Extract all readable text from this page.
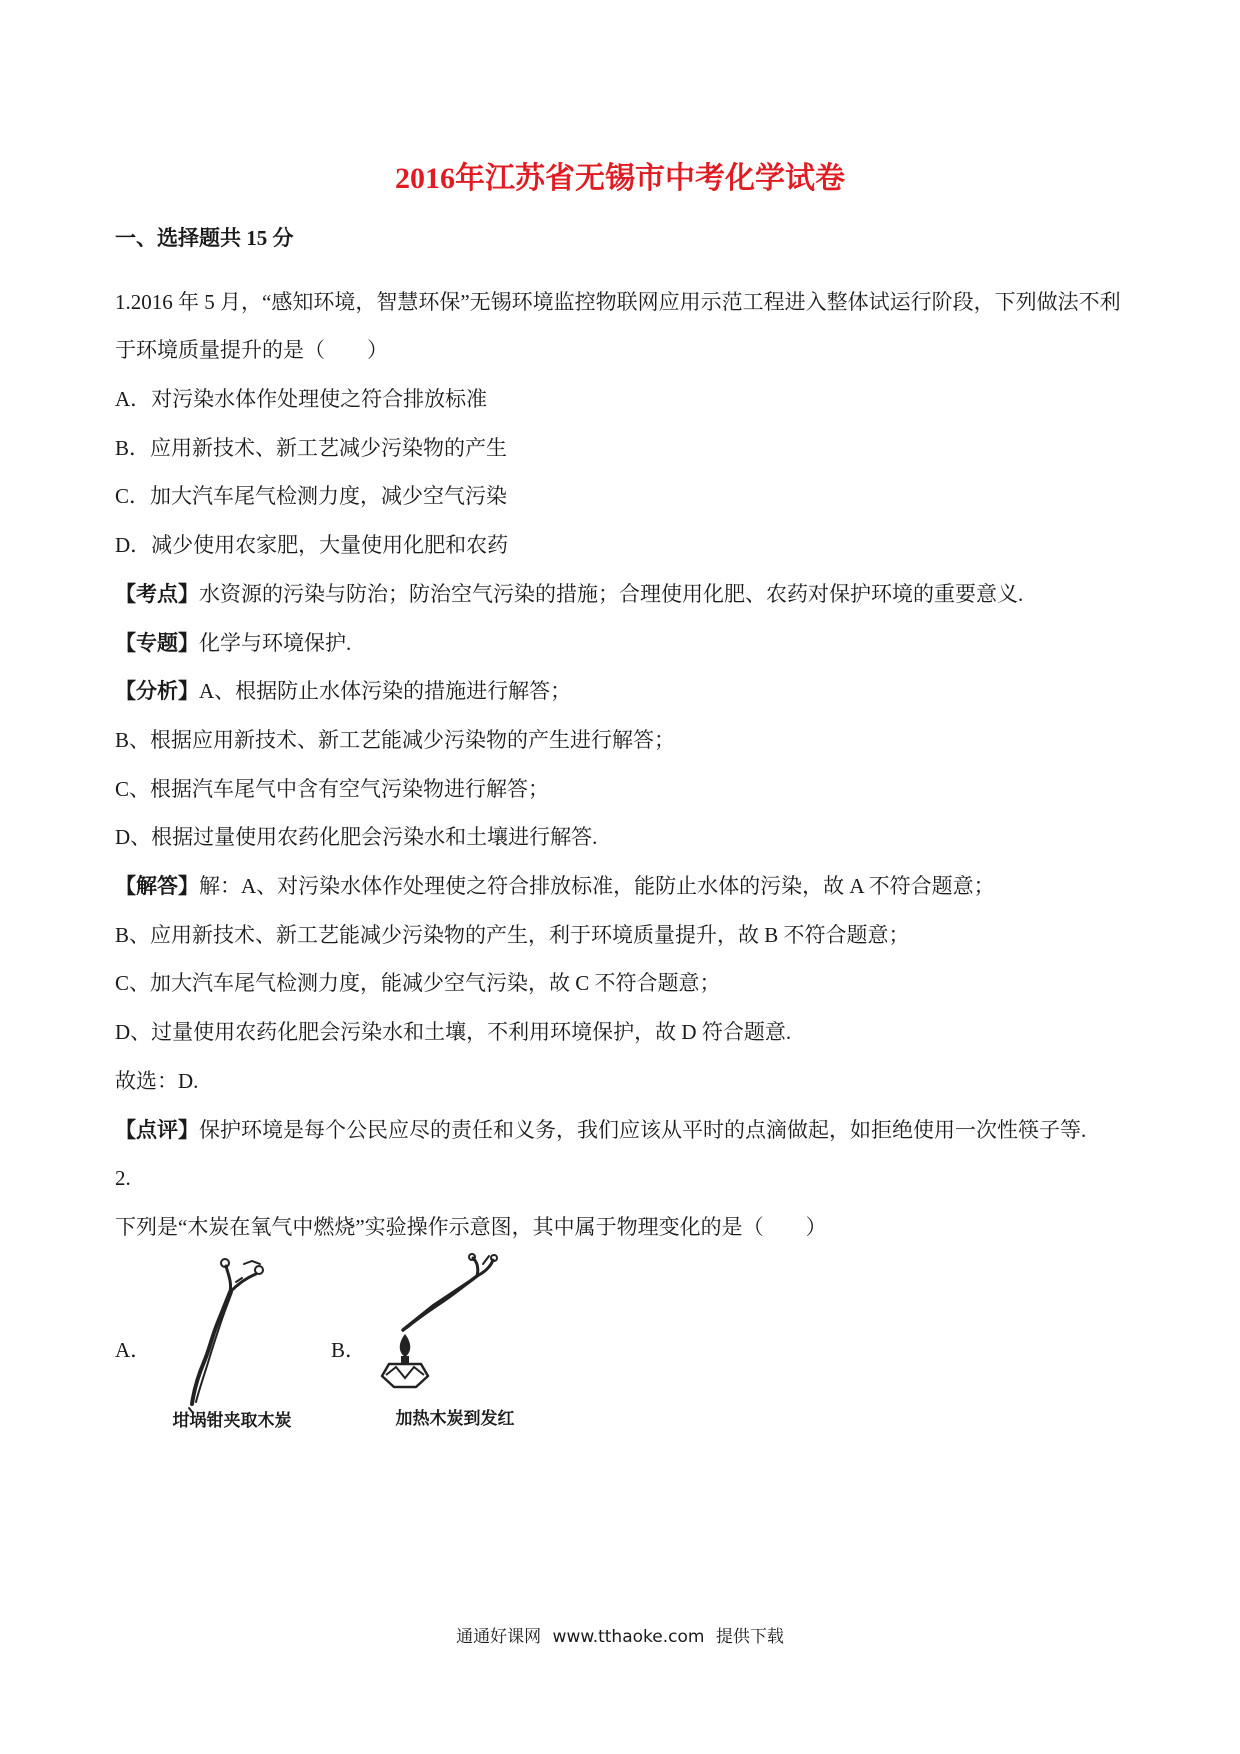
2016年江苏省无锡市中考化学试卷
一、选择题共 15 分

1.2016 年 5 月，“感知环境，智慧环保”无锡环境监控物联网应用示范工程进入整体试运行阶段，下列做法不利于环境质量提升的是（　　）

A．对污染水体作处理使之符合排放标准

B．应用新技术、新工艺减少污染物的产生

C．加大汽车尾气检测力度，减少空气污染

D．减少使用农家肥，大量使用化肥和农药

【考点】水资源的污染与防治；防治空气污染的措施；合理使用化肥、农药对保护环境的重要意义.

【专题】化学与环境保护.

【分析】A、根据防止水体污染的措施进行解答；

B、根据应用新技术、新工艺能减少污染物的产生进行解答；

C、根据汽车尾气中含有空气污染物进行解答；

D、根据过量使用农药化肥会污染水和土壤进行解答.

【解答】解：A、对污染水体作处理使之符合排放标准，能防止水体的污染，故 A 不符合题意；

B、应用新技术、新工艺能减少污染物的产生，利于环境质量提升，故 B 不符合题意；

C、加大汽车尾气检测力度，能减少空气污染，故 C 不符合题意；

D、过量使用农药化肥会污染水和土壤，不利用环境保护，故 D 符合题意.

故选：D.

【点评】保护环境是每个公民应尽的责任和义务，我们应该从平时的点滴做起，如拒绝使用一次性筷子等.

2.

下列是“木炭在氧气中燃烧”实验操作示意图，其中属于物理变化的是（　　）

A．
坩埚钳夹取木炭
B．
加热木炭到发红
通通好课网 www.tthaoke.com 提供下载
